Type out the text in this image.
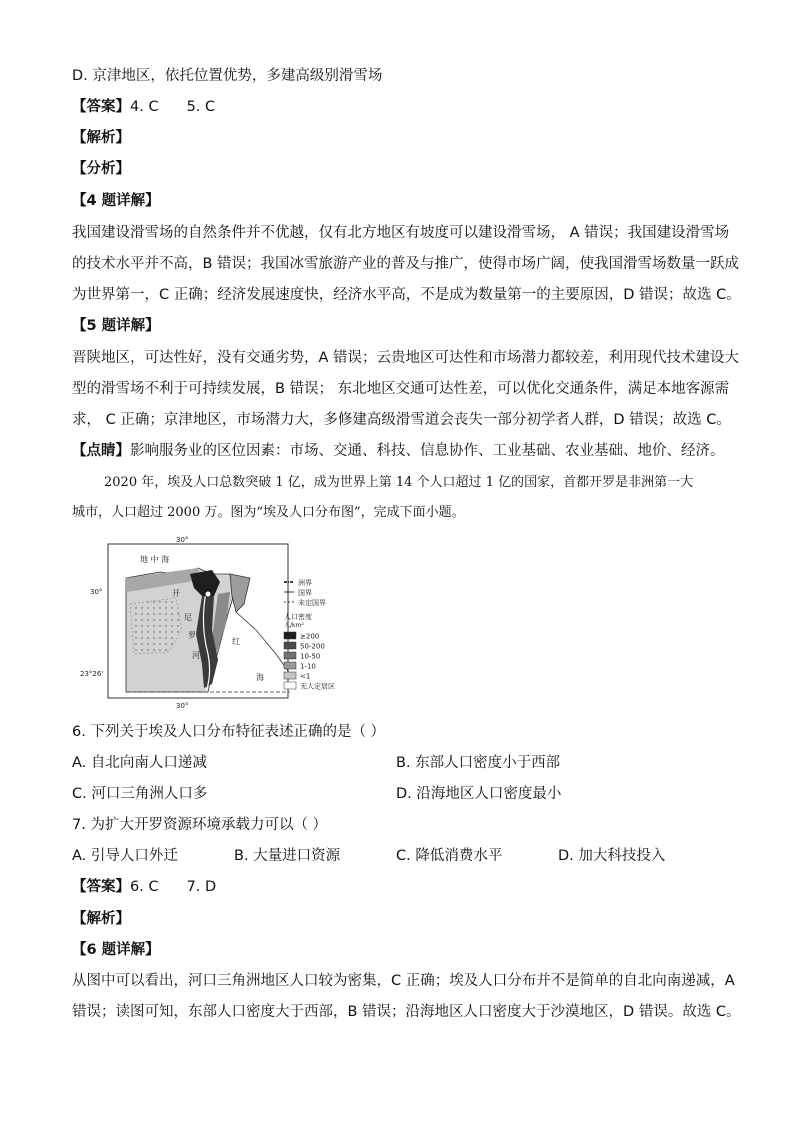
D. 京津地区，依托位置优势，多建高级别滑雪场
【答案】4. C 5. C
【解析】
【分析】
【4 题详解】
我国建设滑雪场的自然条件并不优越，仅有北方地区有坡度可以建设滑雪场， A 错误；我国建设滑雪场
的技术水平并不高，B 错误；我国冰雪旅游产业的普及与推广，使得市场广阔，使我国滑雪场数量一跃成
为世界第一，C 正确；经济发展速度快，经济水平高，不是成为数量第一的主要原因，D 错误；故选 C。
【5 题详解】
晋陕地区，可达性好，没有交通劣势，A 错误；云贵地区可达性和市场潜力都较差，利用现代技术建设大
型的滑雪场不利于可持续发展，B 错误； 东北地区交通可达性差，可以优化交通条件，满足本地客源需
求， C 正确；京津地区，市场潜力大，多修建高级滑雪道会丧失一部分初学者人群，D 错误；故选 C。
【点睛】影响服务业的区位因素：市场、交通、科技、信息协作、工业基础、农业基础、地价、经济。
2020 年，埃及人口总数突破 1 亿，成为世界上第 14 个人口超过 1 亿的国家，首都开罗是非洲第一大
城市，人口超过 2000 万。图为“埃及人口分布图”，完成下面小题。
30°
30°
23°26'
30°
地 中 海
开
尼
罗
河
红
海
洲界
国界
未定国界
人口密度
人/km²
≥200
50-200
10-50
1-10
<1
无人定居区
6. 下列关于埃及人口分布特征表述正确的是（ ）
A. 自北向南人口递减	B. 东部人口密度小于西部
C. 河口三角洲人口多	D. 沿海地区人口密度最小
7. 为扩大开罗资源环境承载力可以（ ）
A. 引导人口外迁	B. 大量进口资源	C. 降低消费水平	D. 加大科技投入
【答案】6. C 7. D
【解析】
【6 题详解】
从图中可以看出，河口三角洲地区人口较为密集，C 正确；埃及人口分布并不是简单的自北向南递减，A
错误；读图可知，东部人口密度大于西部，B 错误；沿海地区人口密度大于沙漠地区，D 错误。故选 C。
